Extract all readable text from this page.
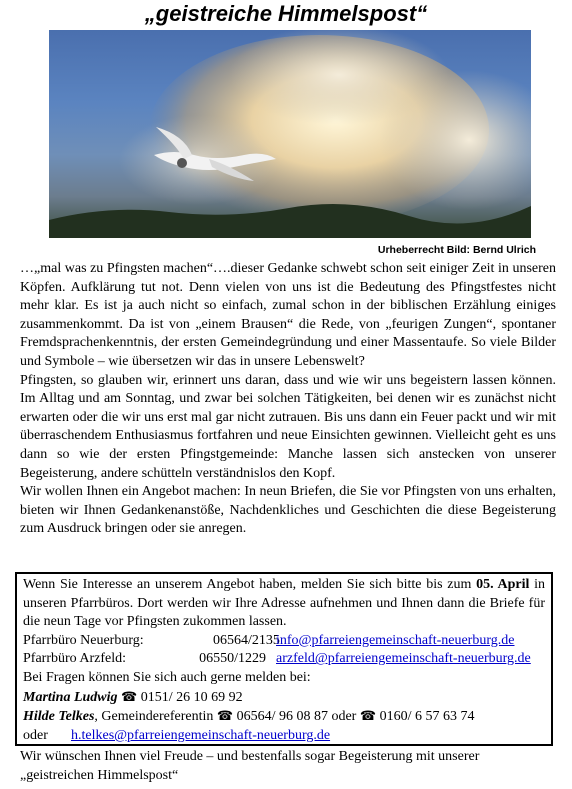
„geistreiche Himmelspost“
Urheberrecht Bild: Bernd Ulrich

…„mal was zu Pfingsten machen“….dieser Gedanke schwebt schon seit einiger Zeit in unseren Köpfen. Aufklärung tut not. Denn vielen von uns ist die Bedeutung des Pfingstfestes nicht mehr klar. Es ist ja auch nicht so einfach, zumal schon in der biblischen Erzählung einiges zusammenkommt. Da ist von „einem Brausen“ die Rede, von „feurigen Zungen“, spontaner Fremdsprachenkenntnis, der ersten Gemeindegründung und einer Massentaufe. So viele Bilder und Symbole – wie übersetzen wir das in unsere Lebenswelt?

Pfingsten, so glauben wir, erinnert uns daran, dass und wie wir uns begeistern lassen können. Im Alltag und am Sonntag, und zwar bei solchen Tätigkeiten, bei denen wir es zunächst nicht erwarten oder die wir uns erst mal gar nicht zutrauen. Bis uns dann ein Feuer packt und wir mit überraschendem Enthusiasmus fortfahren und neue Einsichten gewinnen. Vielleicht geht es uns dann so wie der ersten Pfingstgemeinde: Manche lassen sich anstecken von unserer Begeisterung, andere schütteln verständnislos den Kopf.

Wir wollen Ihnen ein Angebot machen: In neun Briefen, die Sie vor Pfingsten von uns erhalten, bieten wir Ihnen Gedankenanstöße, Nachdenkliches und Geschichten die diese Begeisterung zum Ausdruck bringen oder sie anregen.

Wenn Sie Interesse an unserem Angebot haben, melden Sie sich bitte bis zum 05. April in unseren Pfarrbüros. Dort werden wir Ihre Adresse aufnehmen und Ihnen dann die Briefe für die neun Tage vor Pfingsten zukommen lassen.

Pfarrbüro Neuerburg:	06564/2135info@pfarreiengemeinschaft-neuerburg.de
Pfarrbüro Arzfeld:	06550/1229 arzfeld@pfarreiengemeinschaft-neuerburg.de
Bei Fragen können Sie sich auch gerne melden bei:
Martina Ludwig ☎ 0151/ 26 10 69 92
Hilde Telkes, Gemeindereferentin ☎ 06564/ 96 08 87 oder ☎ 0160/ 6 57 63 74
oder h.telkes@pfarreiengemeinschaft-neuerburg.de
Wir wünschen Ihnen viel Freude – und bestenfalls sogar Begeisterung mit unserer „geistreichen Himmelspost“
